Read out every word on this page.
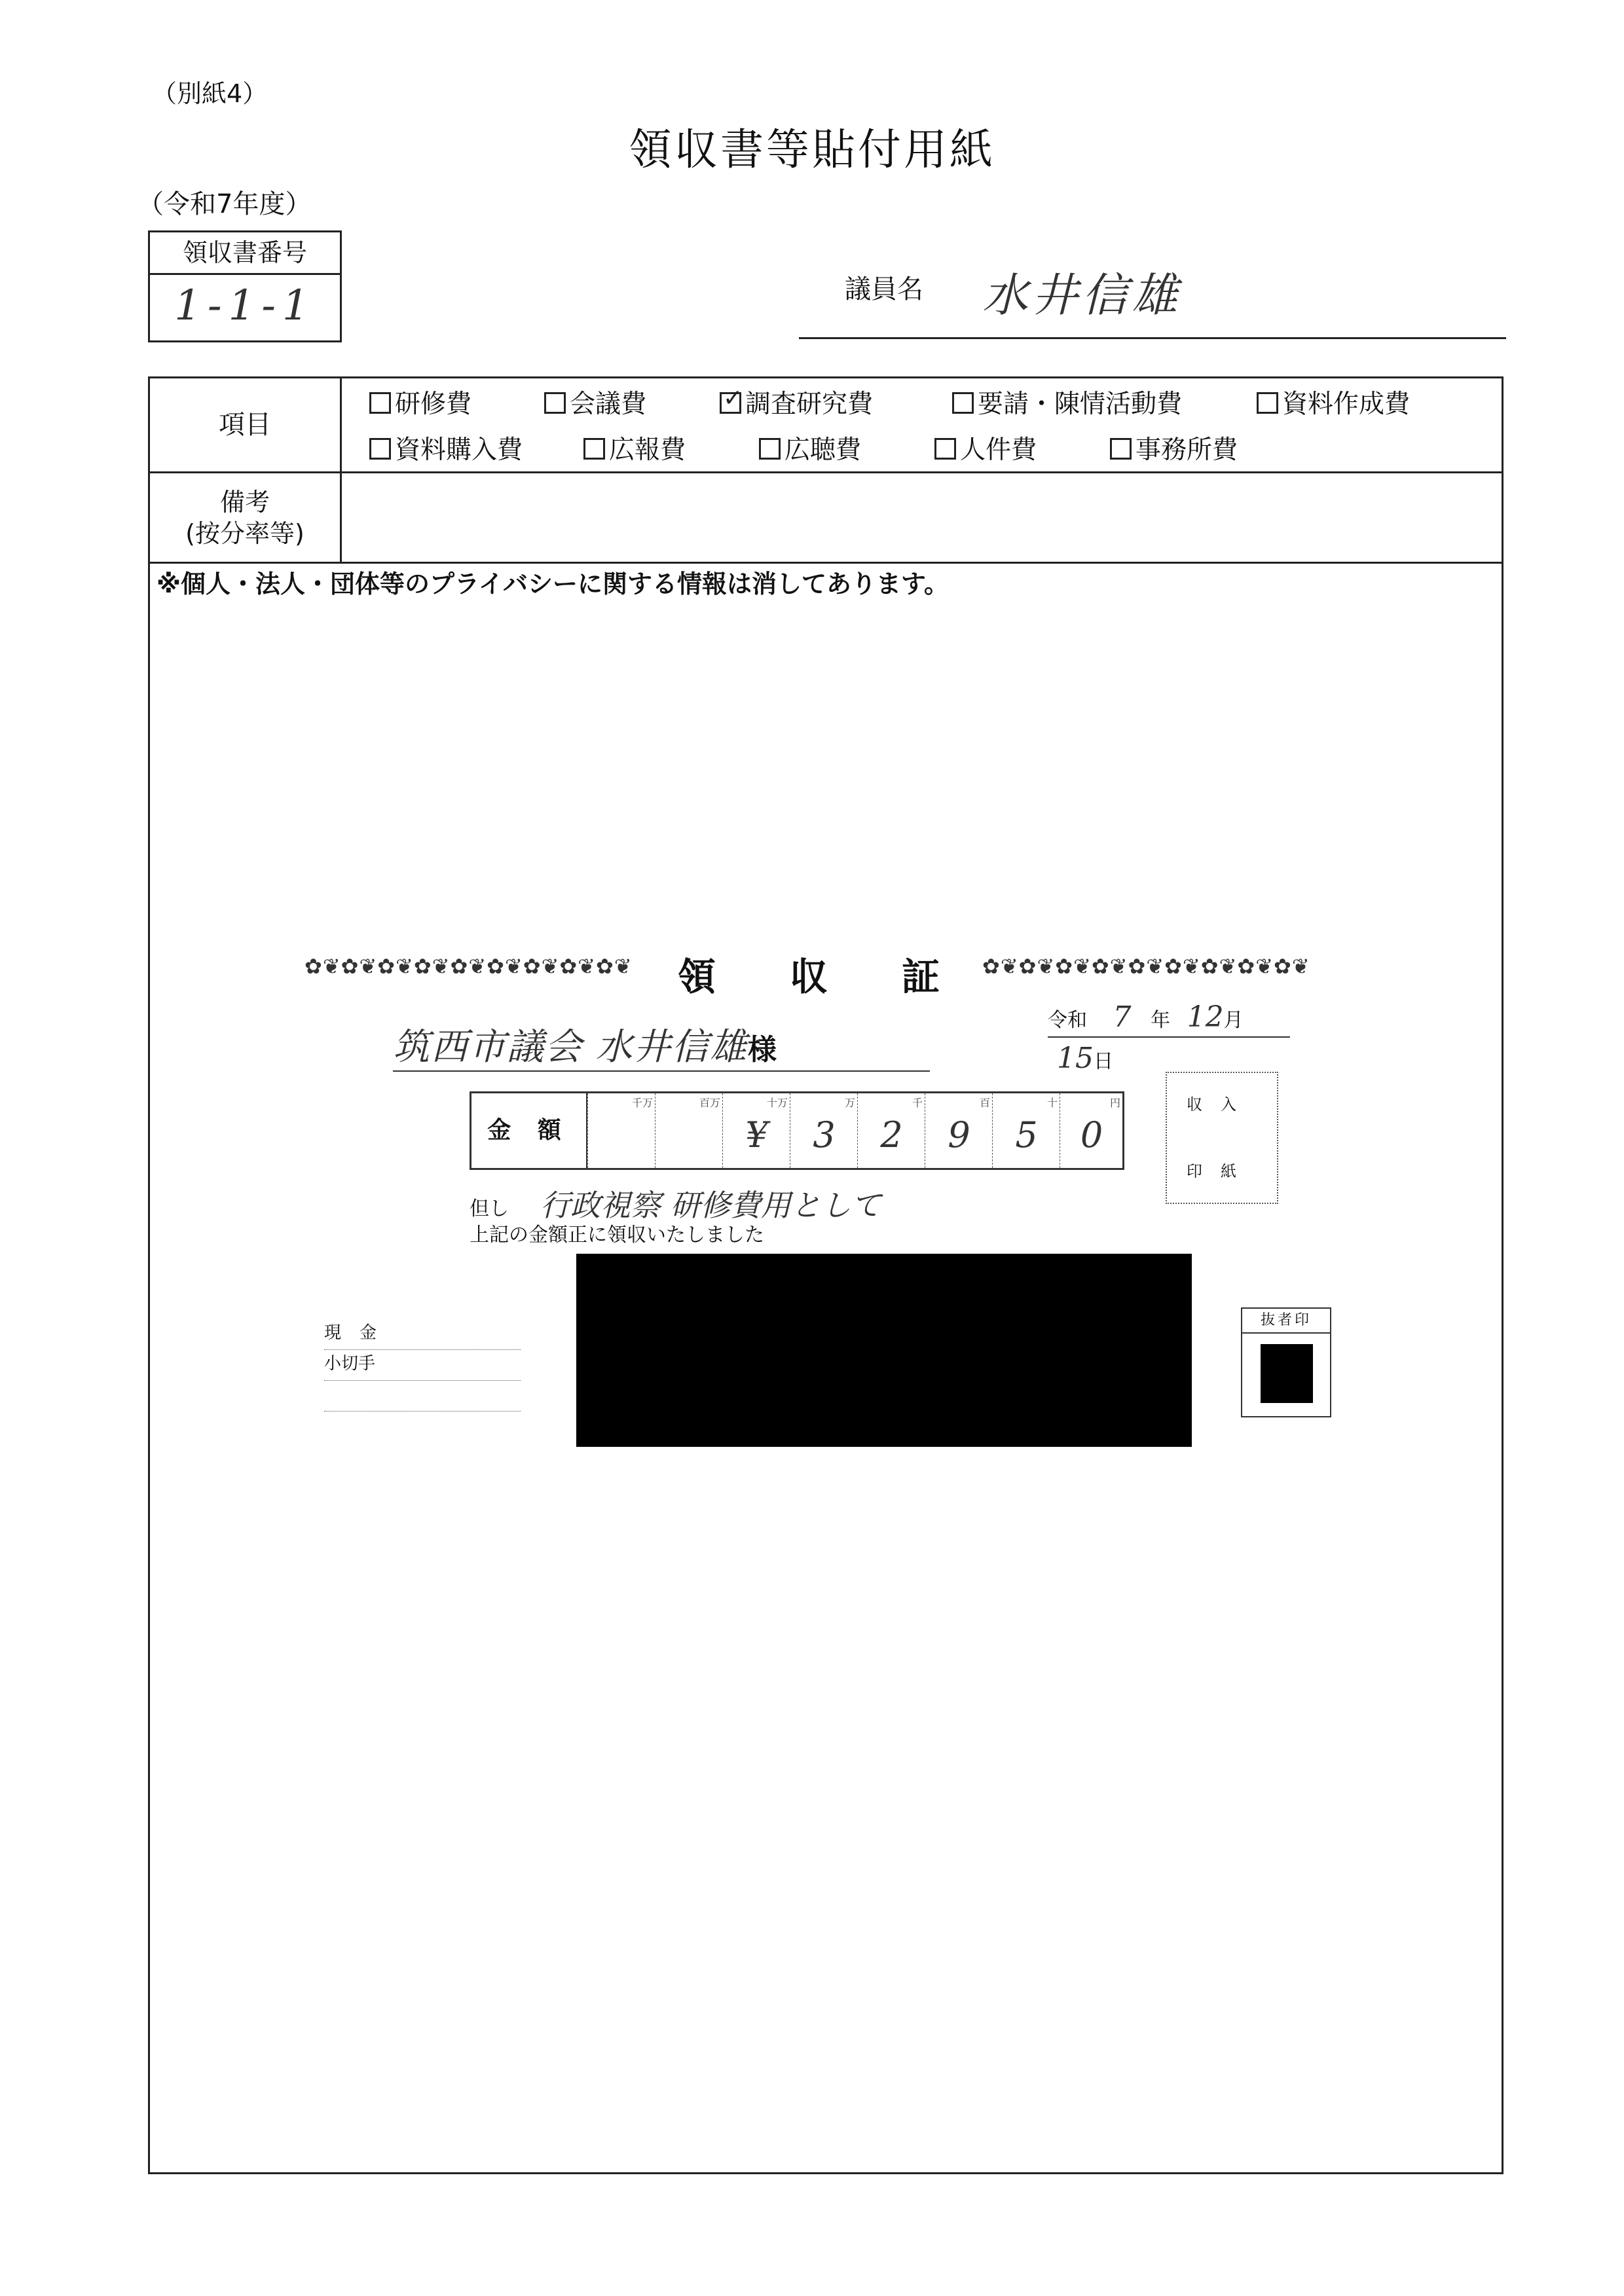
（別紙4）
領収書等貼付用紙
（令和7年度）
領収書番号
1-1-1	議員名 水井信雄
項目
研修費	会議費
✓	調査研究費	要請・陳情活動費	資料作成費
資料購入費	広報費	広聴費	人件費	事務所費
備考
(按分率等)
※個人・法人・団体等のプライバシーに関する情報は消してあります。
✿❦✿❦✿❦✿❦✿❦✿❦✿❦✿❦✿❦ 領 収 証 ✿❦✿❦✿❦✿❦✿❦✿❦✿❦✿❦✿❦
令和 7 年 12月 15日
筑西市議会 水井信雄様
金 額
千万	百万	十万
¥
万
3
千
2
百
9
十
5
円
0
収入
印紙
但し 行政視察 研修費用として
上記の金額正に領収いたしました
現金
小切手
抜者印
